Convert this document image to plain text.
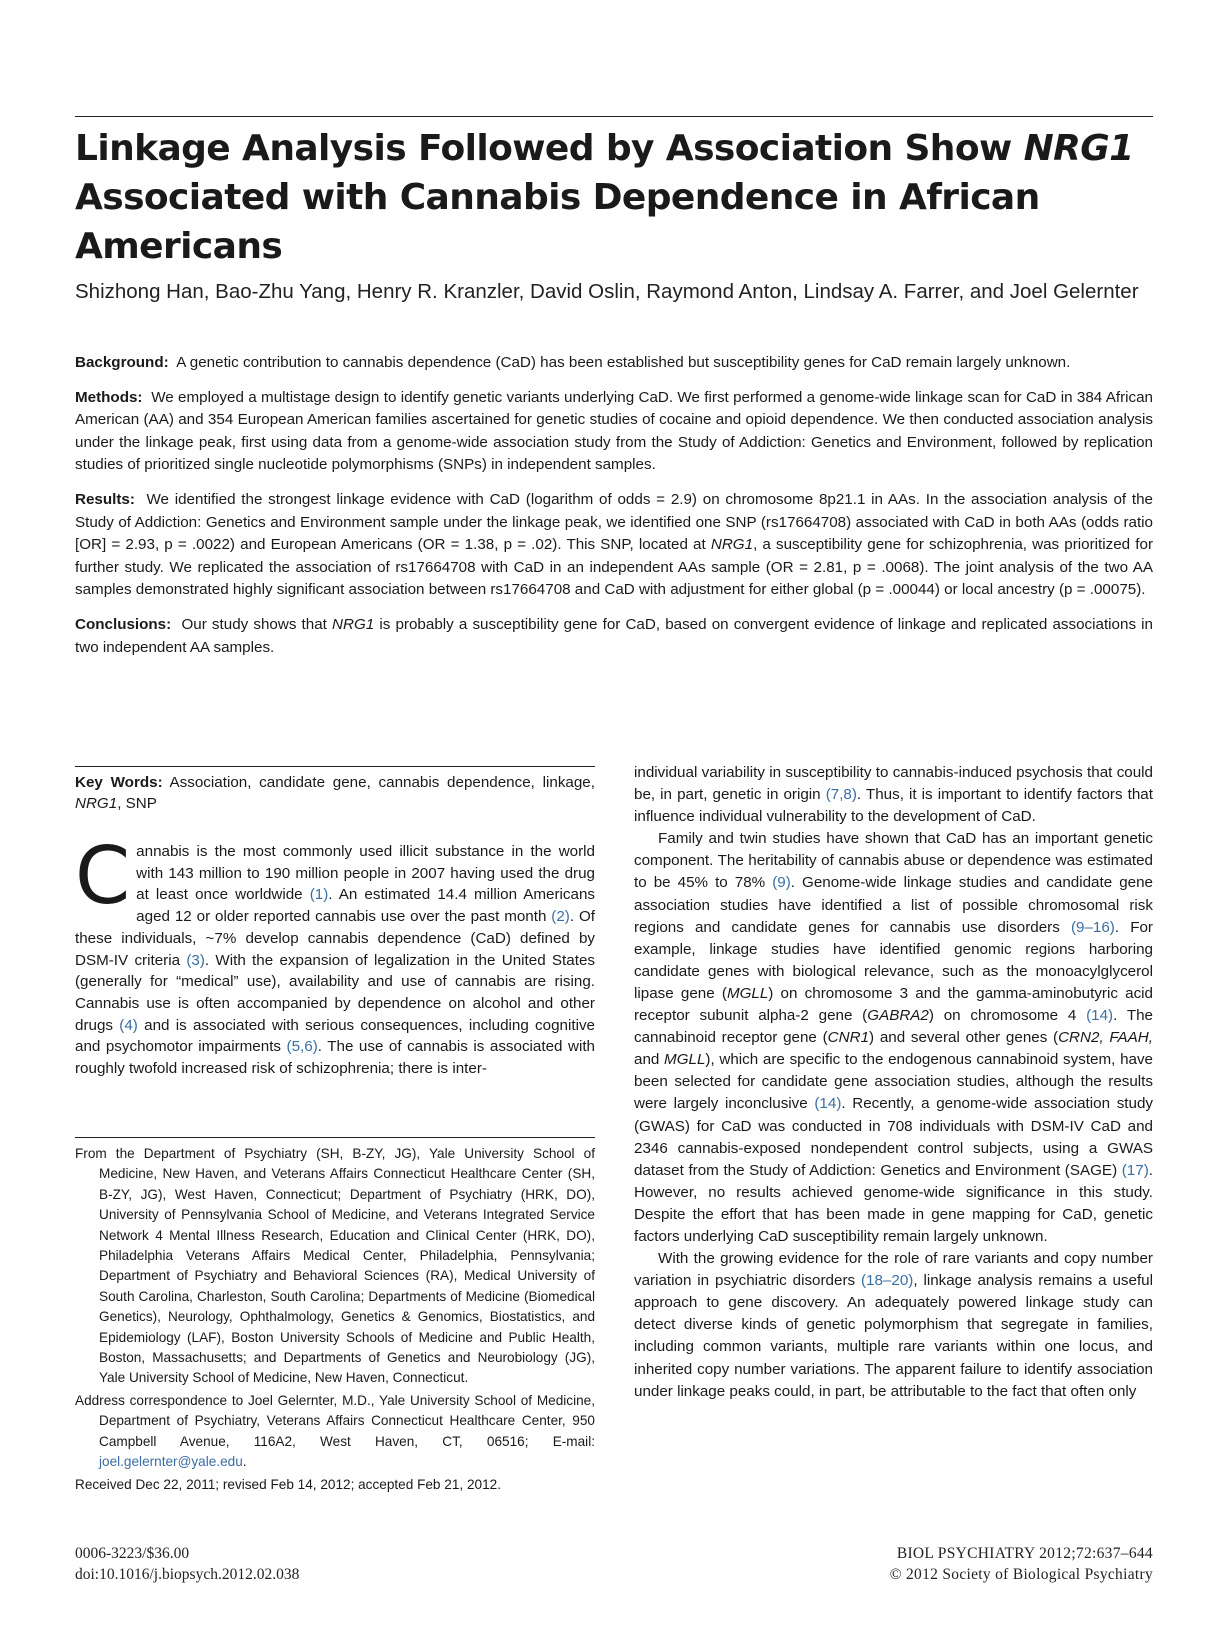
Linkage Analysis Followed by Association Show NRG1 Associated with Cannabis Dependence in African Americans
Shizhong Han, Bao-Zhu Yang, Henry R. Kranzler, David Oslin, Raymond Anton, Lindsay A. Farrer, and Joel Gelernter

Background: A genetic contribution to cannabis dependence (CaD) has been established but susceptibility genes for CaD remain largely unknown.

Methods: We employed a multistage design to identify genetic variants underlying CaD. We first performed a genome-wide linkage scan for CaD in 384 African American (AA) and 354 European American families ascertained for genetic studies of cocaine and opioid dependence. We then conducted association analysis under the linkage peak, first using data from a genome-wide association study from the Study of Addiction: Genetics and Environment, followed by replication studies of prioritized single nucleotide polymorphisms (SNPs) in independent samples.

Results: We identified the strongest linkage evidence with CaD (logarithm of odds = 2.9) on chromosome 8p21.1 in AAs. In the association analysis of the Study of Addiction: Genetics and Environment sample under the linkage peak, we identified one SNP (rs17664708) associated with CaD in both AAs (odds ratio [OR] = 2.93, p = .0022) and European Americans (OR = 1.38, p = .02). This SNP, located at NRG1, a susceptibility gene for schizophrenia, was prioritized for further study. We replicated the association of rs17664708 with CaD in an independent AAs sample (OR = 2.81, p = .0068). The joint analysis of the two AA samples demonstrated highly significant association between rs17664708 and CaD with adjustment for either global (p = .00044) or local ancestry (p = .00075).

Conclusions: Our study shows that NRG1 is probably a susceptibility gene for CaD, based on convergent evidence of linkage and replicated associations in two independent AA samples.

Key Words: Association, candidate gene, cannabis dependence, linkage, NRG1, SNP

Cannabis is the most commonly used illicit substance in the world with 143 million to 190 million people in 2007 having used the drug at least once worldwide (1). An estimated 14.4 million Americans aged 12 or older reported cannabis use over the past month (2). Of these individuals, ~7% develop cannabis dependence (CaD) defined by DSM-IV criteria (3). With the expansion of legalization in the United States (generally for “medical” use), availability and use of cannabis are rising. Cannabis use is often accompanied by dependence on alcohol and other drugs (4) and is associated with serious consequences, including cognitive and psychomotor impairments (5,6). The use of cannabis is associated with roughly twofold increased risk of schizophrenia; there is inter-

From the Department of Psychiatry (SH, B-ZY, JG), Yale University School of Medicine, New Haven, and Veterans Affairs Connecticut Healthcare Center (SH, B-ZY, JG), West Haven, Connecticut; Department of Psychiatry (HRK, DO), University of Pennsylvania School of Medicine, and Veterans Integrated Service Network 4 Mental Illness Research, Education and Clinical Center (HRK, DO), Philadelphia Veterans Affairs Medical Center, Philadelphia, Pennsylvania; Department of Psychiatry and Behavioral Sciences (RA), Medical University of South Carolina, Charleston, South Carolina; Departments of Medicine (Biomedical Genetics), Neurology, Ophthalmology, Genetics & Genomics, Biostatistics, and Epidemiology (LAF), Boston University Schools of Medicine and Public Health, Boston, Massachusetts; and Departments of Genetics and Neurobiology (JG), Yale University School of Medicine, New Haven, Connecticut.

Address correspondence to Joel Gelernter, M.D., Yale University School of Medicine, Department of Psychiatry, Veterans Affairs Connecticut Healthcare Center, 950 Campbell Avenue, 116A2, West Haven, CT, 06516; E-mail: joel.gelernter@yale.edu.

Received Dec 22, 2011; revised Feb 14, 2012; accepted Feb 21, 2012.

individual variability in susceptibility to cannabis-induced psychosis that could be, in part, genetic in origin (7,8). Thus, it is important to identify factors that influence individual vulnerability to the development of CaD.

Family and twin studies have shown that CaD has an important genetic component. The heritability of cannabis abuse or dependence was estimated to be 45% to 78% (9). Genome-wide linkage studies and candidate gene association studies have identified a list of possible chromosomal risk regions and candidate genes for cannabis use disorders (9–16). For example, linkage studies have identified genomic regions harboring candidate genes with biological relevance, such as the monoacylglycerol lipase gene (MGLL) on chromosome 3 and the gamma-aminobutyric acid receptor subunit alpha-2 gene (GABRA2) on chromosome 4 (14). The cannabinoid receptor gene (CNR1) and several other genes (CRN2, FAAH, and MGLL), which are specific to the endogenous cannabinoid system, have been selected for candidate gene association studies, although the results were largely inconclusive (14). Recently, a genome-wide association study (GWAS) for CaD was conducted in 708 individuals with DSM-IV CaD and 2346 cannabis-exposed nondependent control subjects, using a GWAS dataset from the Study of Addiction: Genetics and Environment (SAGE) (17). However, no results achieved genome-wide significance in this study. Despite the effort that has been made in gene mapping for CaD, genetic factors underlying CaD susceptibility remain largely unknown.

With the growing evidence for the role of rare variants and copy number variation in psychiatric disorders (18–20), linkage analysis remains a useful approach to gene discovery. An adequately powered linkage study can detect diverse kinds of genetic polymorphism that segregate in families, including common variants, multiple rare variants within one locus, and inherited copy number variations. The apparent failure to identify association under linkage peaks could, in part, be attributable to the fact that often only

0006-3223/$36.00
doi:10.1016/j.biopsych.2012.02.038
BIOL PSYCHIATRY 2012;72:637–644
© 2012 Society of Biological Psychiatry
